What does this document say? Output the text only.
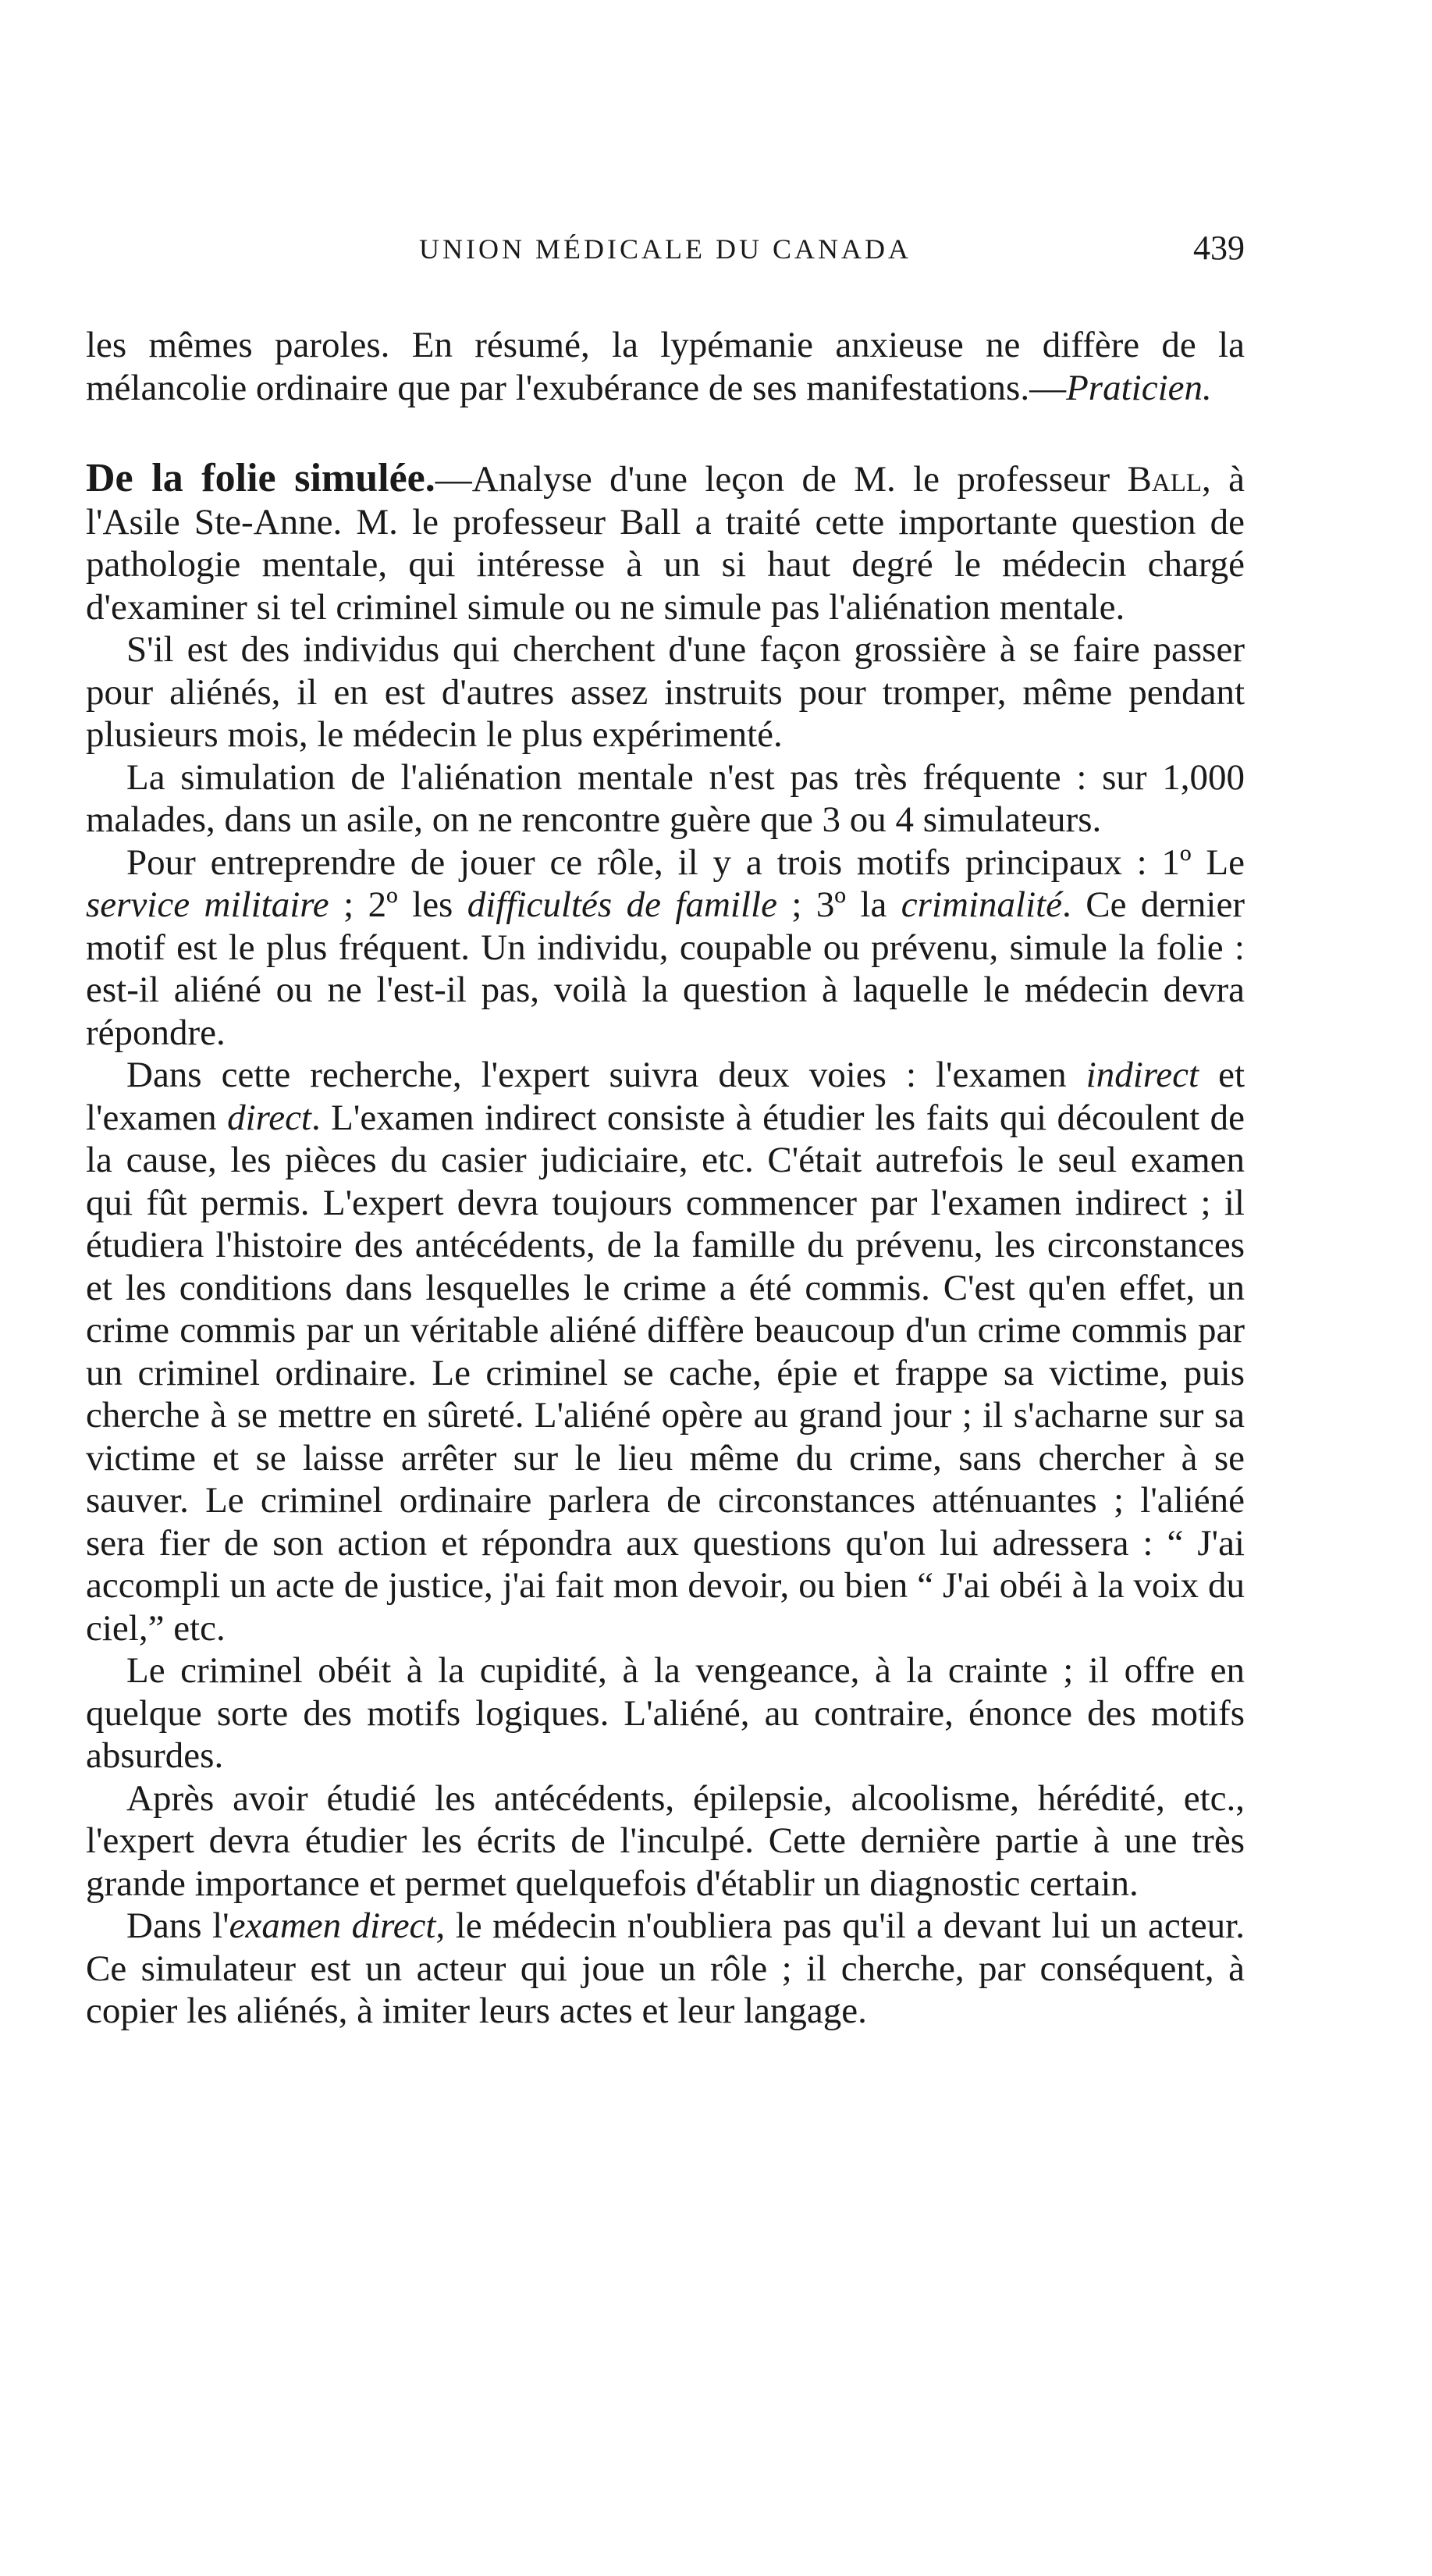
UNION MÉDICALE DU CANADA	439

les mêmes paroles. En résumé, la lypémanie anxieuse ne diffère de la mélancolie ordinaire que par l'exubérance de ses manifestations.—Praticien.

De la folie simulée.—Analyse d'une leçon de M. le professeur Ball, à l'Asile Ste-Anne. M. le professeur Ball a traité cette importante question de pathologie mentale, qui intéresse à un si haut degré le médecin chargé d'examiner si tel criminel simule ou ne simule pas l'aliénation mentale.

S'il est des individus qui cherchent d'une façon grossière à se faire passer pour aliénés, il en est d'autres assez instruits pour tromper, même pendant plusieurs mois, le médecin le plus expérimenté.

La simulation de l'aliénation mentale n'est pas très fréquente : sur 1,000 malades, dans un asile, on ne rencontre guère que 3 ou 4 simulateurs.

Pour entreprendre de jouer ce rôle, il y a trois motifs principaux : 1º Le service militaire ; 2º les difficultés de famille ; 3º la criminalité. Ce dernier motif est le plus fréquent. Un individu, coupable ou prévenu, simule la folie : est-il aliéné ou ne l'est-il pas, voilà la question à laquelle le médecin devra répondre.

Dans cette recherche, l'expert suivra deux voies : l'examen indirect et l'examen direct. L'examen indirect consiste à étudier les faits qui découlent de la cause, les pièces du casier judiciaire, etc. C'était autrefois le seul examen qui fût permis. L'expert devra toujours commencer par l'examen indirect ; il étudiera l'histoire des antécédents, de la famille du prévenu, les circonstances et les conditions dans lesquelles le crime a été commis. C'est qu'en effet, un crime commis par un véritable aliéné diffère beaucoup d'un crime commis par un criminel ordinaire. Le criminel se cache, épie et frappe sa victime, puis cherche à se mettre en sûreté. L'aliéné opère au grand jour ; il s'acharne sur sa victime et se laisse arrêter sur le lieu même du crime, sans chercher à se sauver. Le criminel ordinaire parlera de circonstances atténuantes ; l'aliéné sera fier de son action et répondra aux questions qu'on lui adressera : “ J'ai accompli un acte de justice, j'ai fait mon devoir, ou bien “ J'ai obéi à la voix du ciel,” etc.

Le criminel obéit à la cupidité, à la vengeance, à la crainte ; il offre en quelque sorte des motifs logiques. L'aliéné, au contraire, énonce des motifs absurdes.

Après avoir étudié les antécédents, épilepsie, alcoolisme, hérédité, etc., l'expert devra étudier les écrits de l'inculpé. Cette dernière partie à une très grande importance et permet quelquefois d'établir un diagnostic certain.

Dans l'examen direct, le médecin n'oubliera pas qu'il a devant lui un acteur. Ce simulateur est un acteur qui joue un rôle ; il cherche, par conséquent, à copier les aliénés, à imiter leurs actes et leur langage.
